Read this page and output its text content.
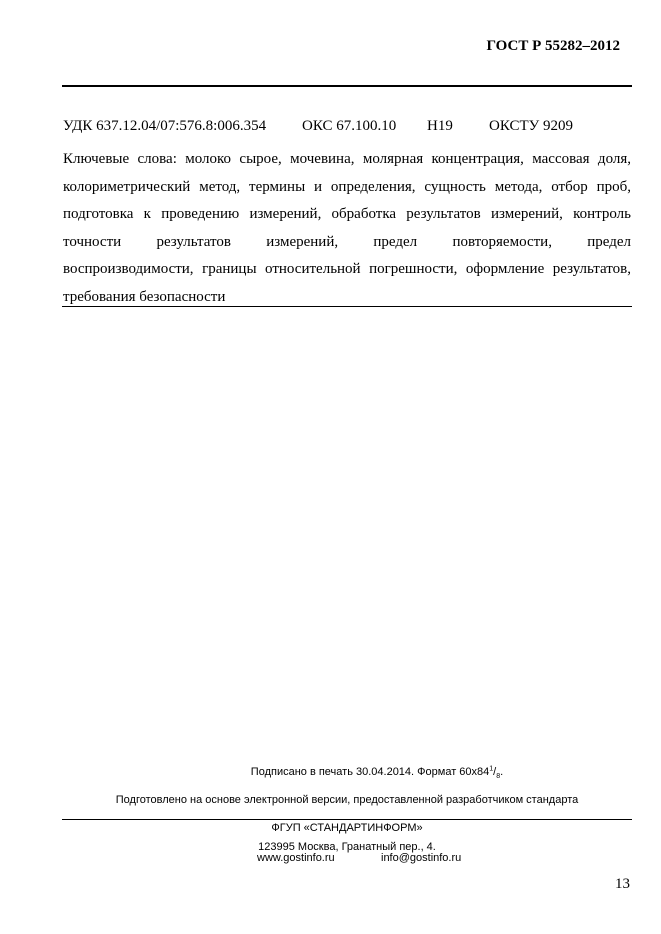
ГОСТ Р 55282–2012
УДК 637.12.04/07:576.8:006.354 ОКС 67.100.10 Н19 ОКСТУ 9209
Ключевые слова: молоко сырое, мочевина, молярная концентрация, массовая доля,
колориметрический метод, термины и определения, сущность метода, отбор проб,
подготовка к проведению измерений, обработка результатов измерений, контроль
точности результатов измерений, предел повторяемости, предел
воспроизводимости, границы относительной погрешности, оформление результатов,
требования безопасности
Подписано в печать 30.04.2014. Формат $60x84^1/_8$.
Подготовлено на основе электронной версии, предоставленной разработчиком стандарта
ФГУП «СТАНДАРТИНФОРМ»
123995 Москва, Гранатный пер., 4.
www.gostinfo.ru	info@gostinfo.ru
13
